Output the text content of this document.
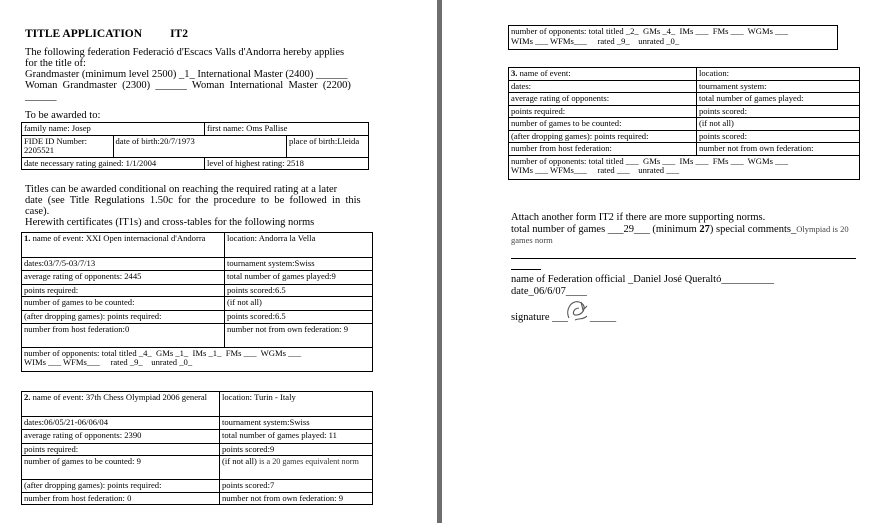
TITLE APPLICATION IT2
The following federation Federació d'Escacs Valls d'Andorra hereby applies
for the title of:
Grandmaster (minimum level 2500) _1_ International Master (2400) ______
Woman  Grandmaster  (2300)  ______  Woman  International  Master  (2200)
______
To be awarded to:
family name: Josep		first name: Oms Pallise	
FIDE ID Number: 2205521	date of birth:20/7/1973		place of birth:Lleida
date necessary rating gained: 1/1/2004		level of highest rating: 2518	
Titles can be awarded conditional on reaching the required rating at a later
date  (see  Title  Regulations  1.50c  for  the  procedure  to  be  followed  in  this
case).
Herewith certificates (IT1s) and cross-tables for the following norms
1. name of event: XXI Open internacional d'Andorra	location: Andorra la Vella
dates:03/7/5-03/7/13	tournament system:Swiss
average rating of opponents: 2445	total number of games played:9
points required:	points scored:6.5
number of games to be counted:	(if not all)
(after dropping games): points required:	points scored:6.5
number from host federation:0	number not from own federation: 9

number of opponents: total titled _4_  GMs _1_  IMs _1_  FMs ___  WGMs ___
WIMs ___ WFMs___     rated _9_    unrated _0_	
2. name of event: 37th Chess Olympiad 2006 general	location: Turin - Italy
dates:06/05/21-06/06/04	tournament system:Swiss
average rating of opponents: 2390	total number of games played: 11
points required:	points scored:9
number of games to be counted: 9	(if not all) is a 20 games equivalent norm
(after dropping games): points required:	points scored:7
number from host federation: 0	number not from own federation: 9
number of opponents: total titled _2_  GMs _4_  IMs ___  FMs ___  WGMs ___
WIMs ___ WFMs___     rated _9_    unrated _0_
3. name of event:	location:
dates:	tournament system:
average rating of opponents:	total number of games played:
points required:	points scored:
number of games to be counted:	(if not all)
(after dropping games): points required:	points scored:
number from host federation:	number not from own federation:

number of opponents: total titled ___  GMs ___  IMs ___  FMs ___  WGMs ___
WIMs ___ WFMs___     rated ___    unrated ___	
Attach another form IT2 if there are more supporting norms.
total number of games ___29___ (minimum 27) special comments_Olympiad is 20 games norm
name of Federation official _Daniel José Queraltó__________
date_06/6/07____
signature ___ _____
